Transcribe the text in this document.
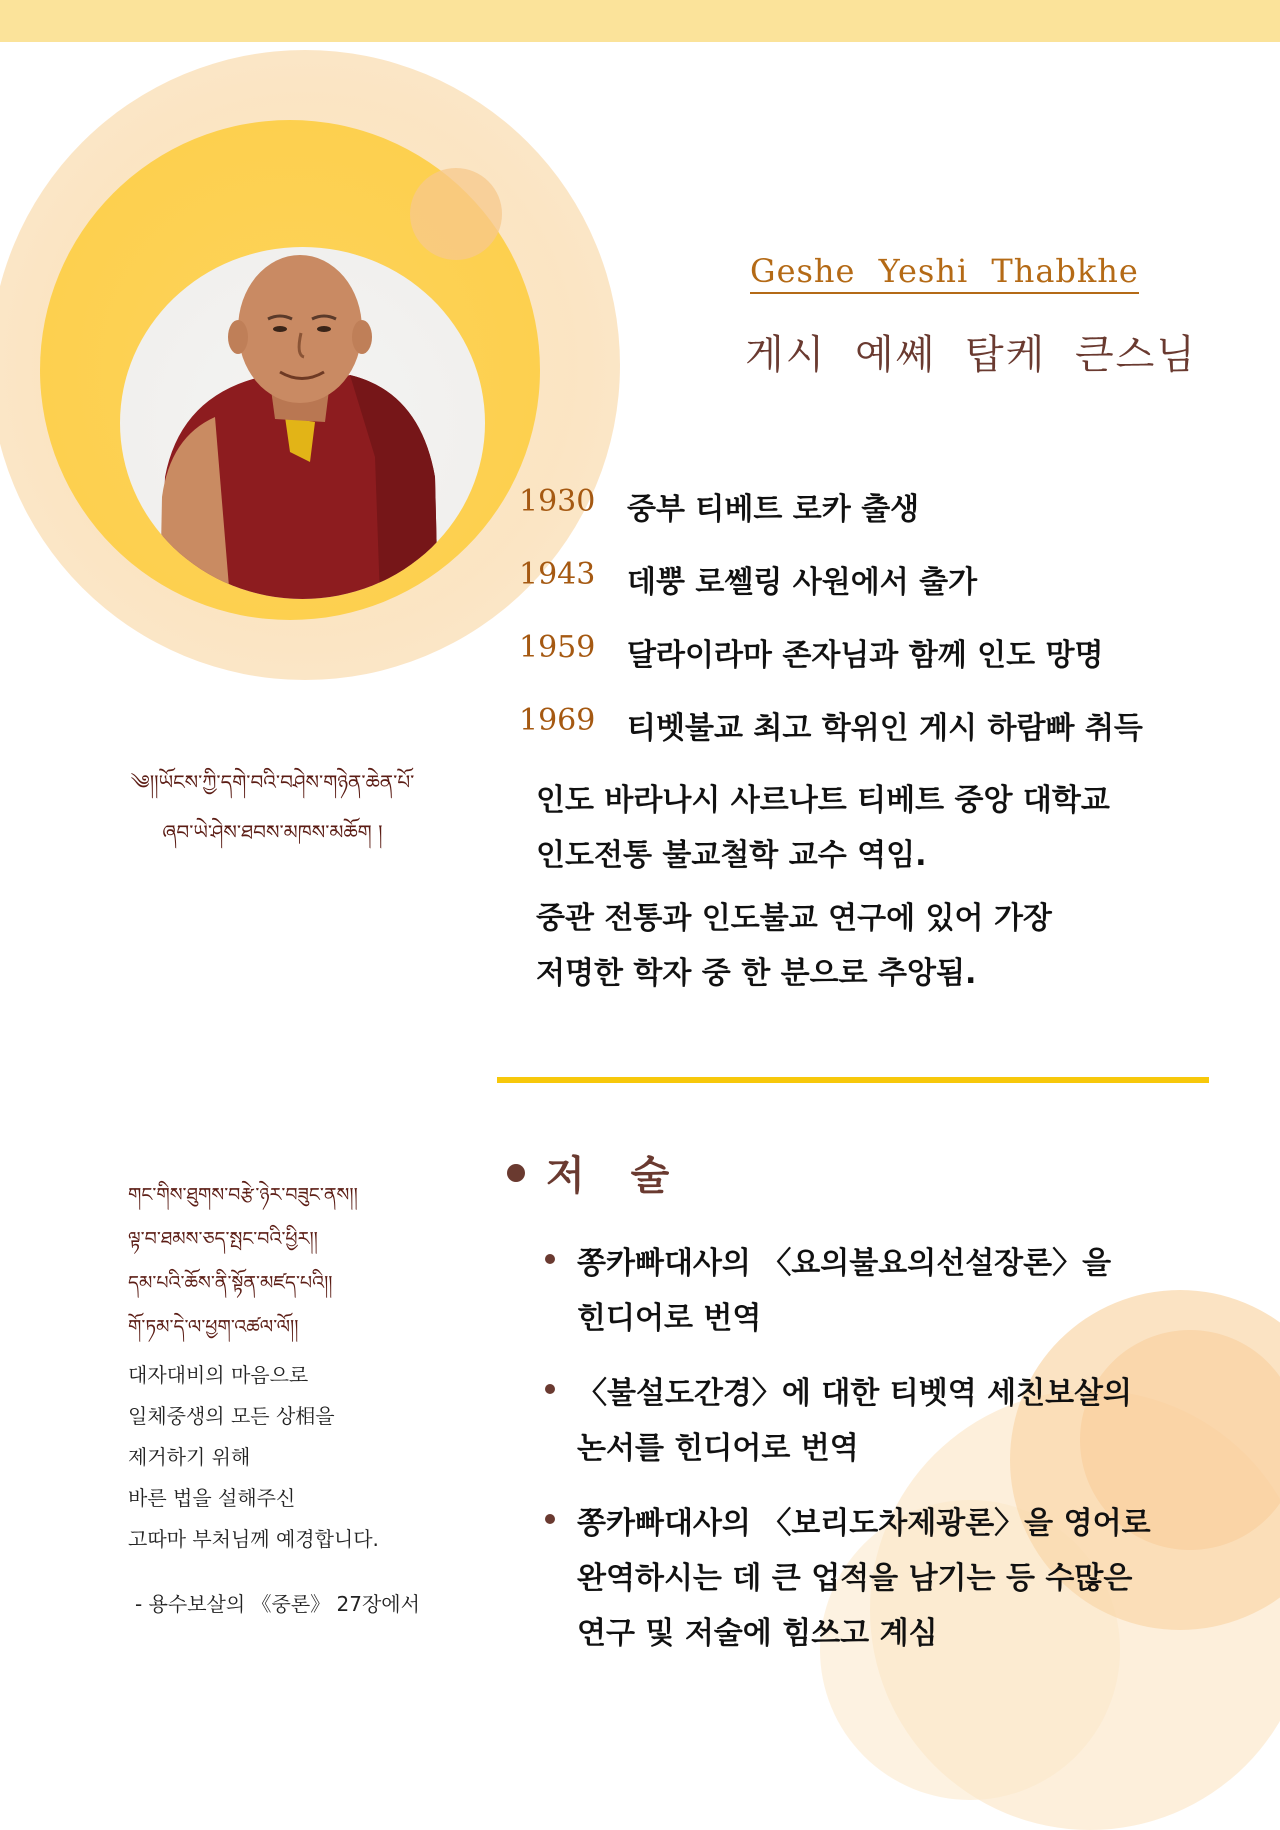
Geshe Yeshi Thabkhe
게시 예쎼 탑케 큰스님
1930 중부 티베트 로카 출생
1943 데뿡 로쎌링 사원에서 출가
1959 달라이라마 존자님과 함께 인도 망명
1969 티벳불교 최고 학위인 게시 하람빠 취득
인도 바라나시 사르나트 티베트 중앙 대학교
인도전통 불교철학 교수 역임.
중관 전통과 인도불교 연구에 있어 가장
저명한 학자 중 한 분으로 추앙됨.
༄།།ཡོངས་ཀྱི་དགེ་བའི་བཤེས་གཉེན་ཆེན་པོ་
ཞབ་ཡེ་ཤེས་ཐབས་མཁས་མཆོག །
저 술
쫑카빠대사의 〈요의불요의선설장론〉을
힌디어로 번역
〈불설도간경〉에 대한 티벳역 세친보살의
논서를 힌디어로 번역
쫑카빠대사의 〈보리도차제광론〉을 영어로
완역하시는 데 큰 업적을 남기는 등 수많은
연구 및 저술에 힘쓰고 계심
གང་གིས་ཐུགས་བརྩེ་ཉེར་བཟུང་ནས།།
ལྟ་བ་ཐམས་ཅད་སྤང་བའི་ཕྱིར།།
དམ་པའི་ཆོས་ནི་སྟོན་མཛད་པའི།།
གོ་ཏམ་དེ་ལ་ཕྱག་འཚལ་ལོ།།
대자대비의 마음으로
일체중생의 모든 상相을
제거하기 위해
바른 법을 설해주신
고따마 부처님께 예경합니다.
- 용수보살의 《중론》 27장에서
